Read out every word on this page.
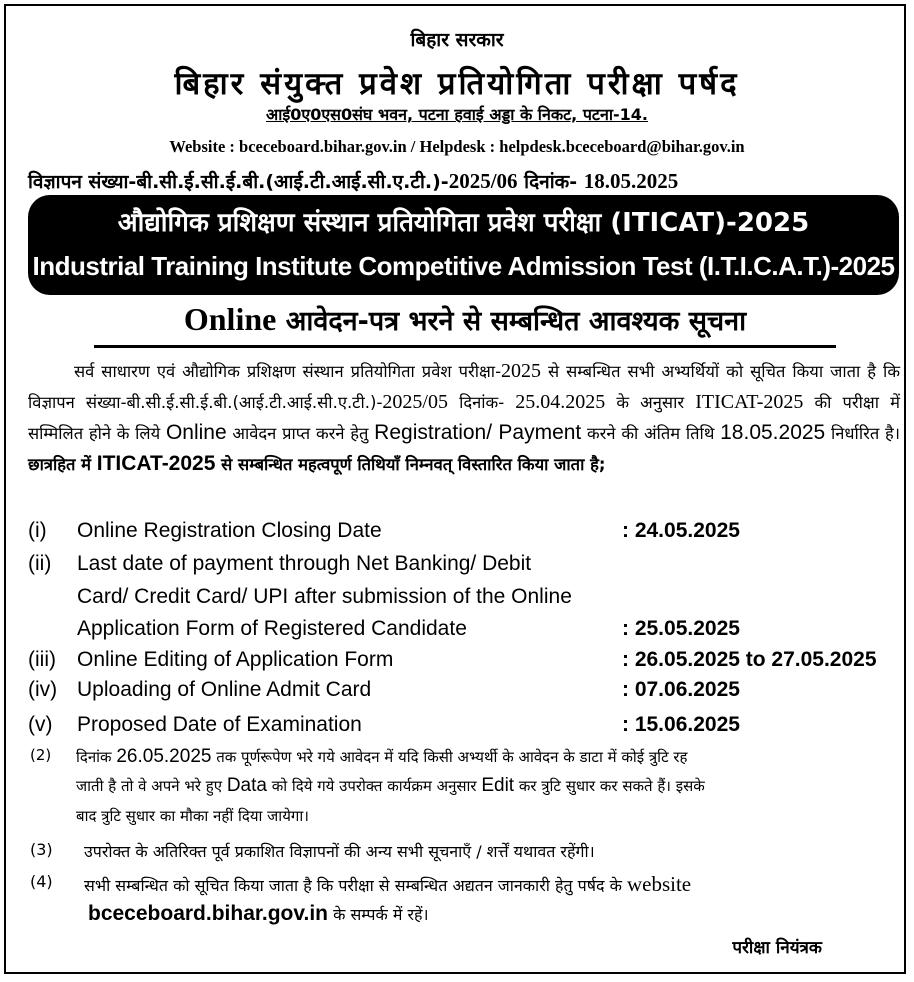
बिहार सरकार
बिहार संयुक्त प्रवेश प्रतियोगिता परीक्षा पर्षद
आई0ए0एस0संघ भवन, पटना हवाई अड्डा के निकट, पटना-14.
Website : bceceboard.bihar.gov.in / Helpdesk : helpdesk.bceceboard@bihar.gov.in
विज्ञापन संख्या-बी.सी.ई.सी.ई.बी.(आई.टी.आई.सी.ए.टी.)-2025/06 दिनांक- 18.05.2025
औद्योगिक प्रशिक्षण संस्थान प्रतियोगिता प्रवेश परीक्षा (ITICAT)-2025
Industrial Training Institute Competitive Admission Test (I.T.I.C.A.T.)-2025
Online आवेदन-पत्र भरने से सम्बन्धित आवश्यक सूचना
सर्व साधारण एवं औद्योगिक प्रशिक्षण संस्थान प्रतियोगिता प्रवेश परीक्षा-2025 से सम्बन्धित सभी अभ्यर्थियों को सूचित किया जाता है कि विज्ञापन संख्या-बी.सी.ई.सी.ई.बी.(आई.टी.आई.सी.ए.टी.)-2025/05 दिनांक- 25.04.2025 के अनुसार ITICAT-2025 की परीक्षा में सम्मिलित होने के लिये Online आवेदन प्राप्त करने हेतु Registration/ Payment करने की अंतिम तिथि 18.05.2025 निर्धारित है। छात्रहित में ITICAT-2025 से सम्बन्धित महत्वपूर्ण तिथियाँ निम्नवत् विस्तारित किया जाता है;
(i) Online Registration Closing Date	: 24.05.2025
(ii) Last date of payment through Net Banking/ Debit
Card/ Credit Card/ UPI after submission of the Online
Application Form of Registered Candidate	: 25.05.2025
(iii) Online Editing of Application Form	: 26.05.2025 to 27.05.2025
(iv) Uploading of Online Admit Card	: 07.06.2025
(v) Proposed Date of Examination	: 15.06.2025
(2) दिनांक 26.05.2025 तक पूर्णरूपेण भरे गये आवेदन में यदि किसी अभ्यर्थी के आवेदन के डाटा में कोई त्रुटि रह
जाती है तो वे अपने भरे हुए Data को दिये गये उपरोक्त कार्यक्रम अनुसार Edit कर त्रुटि सुधार कर सकते हैं। इसके
बाद त्रुटि सुधार का मौका नहीं दिया जायेगा।
(3) उपरोक्त के अतिरिक्त पूर्व प्रकाशित विज्ञापनों की अन्य सभी सूचनाएँ / शर्त्तें यथावत रहेंगी।
(4) सभी सम्बन्धित को सूचित किया जाता है कि परीक्षा से सम्बन्धित अद्यतन जानकारी हेतु पर्षद के website
bceceboard.bihar.gov.in के सम्पर्क में रहें।
परीक्षा नियंत्रक
